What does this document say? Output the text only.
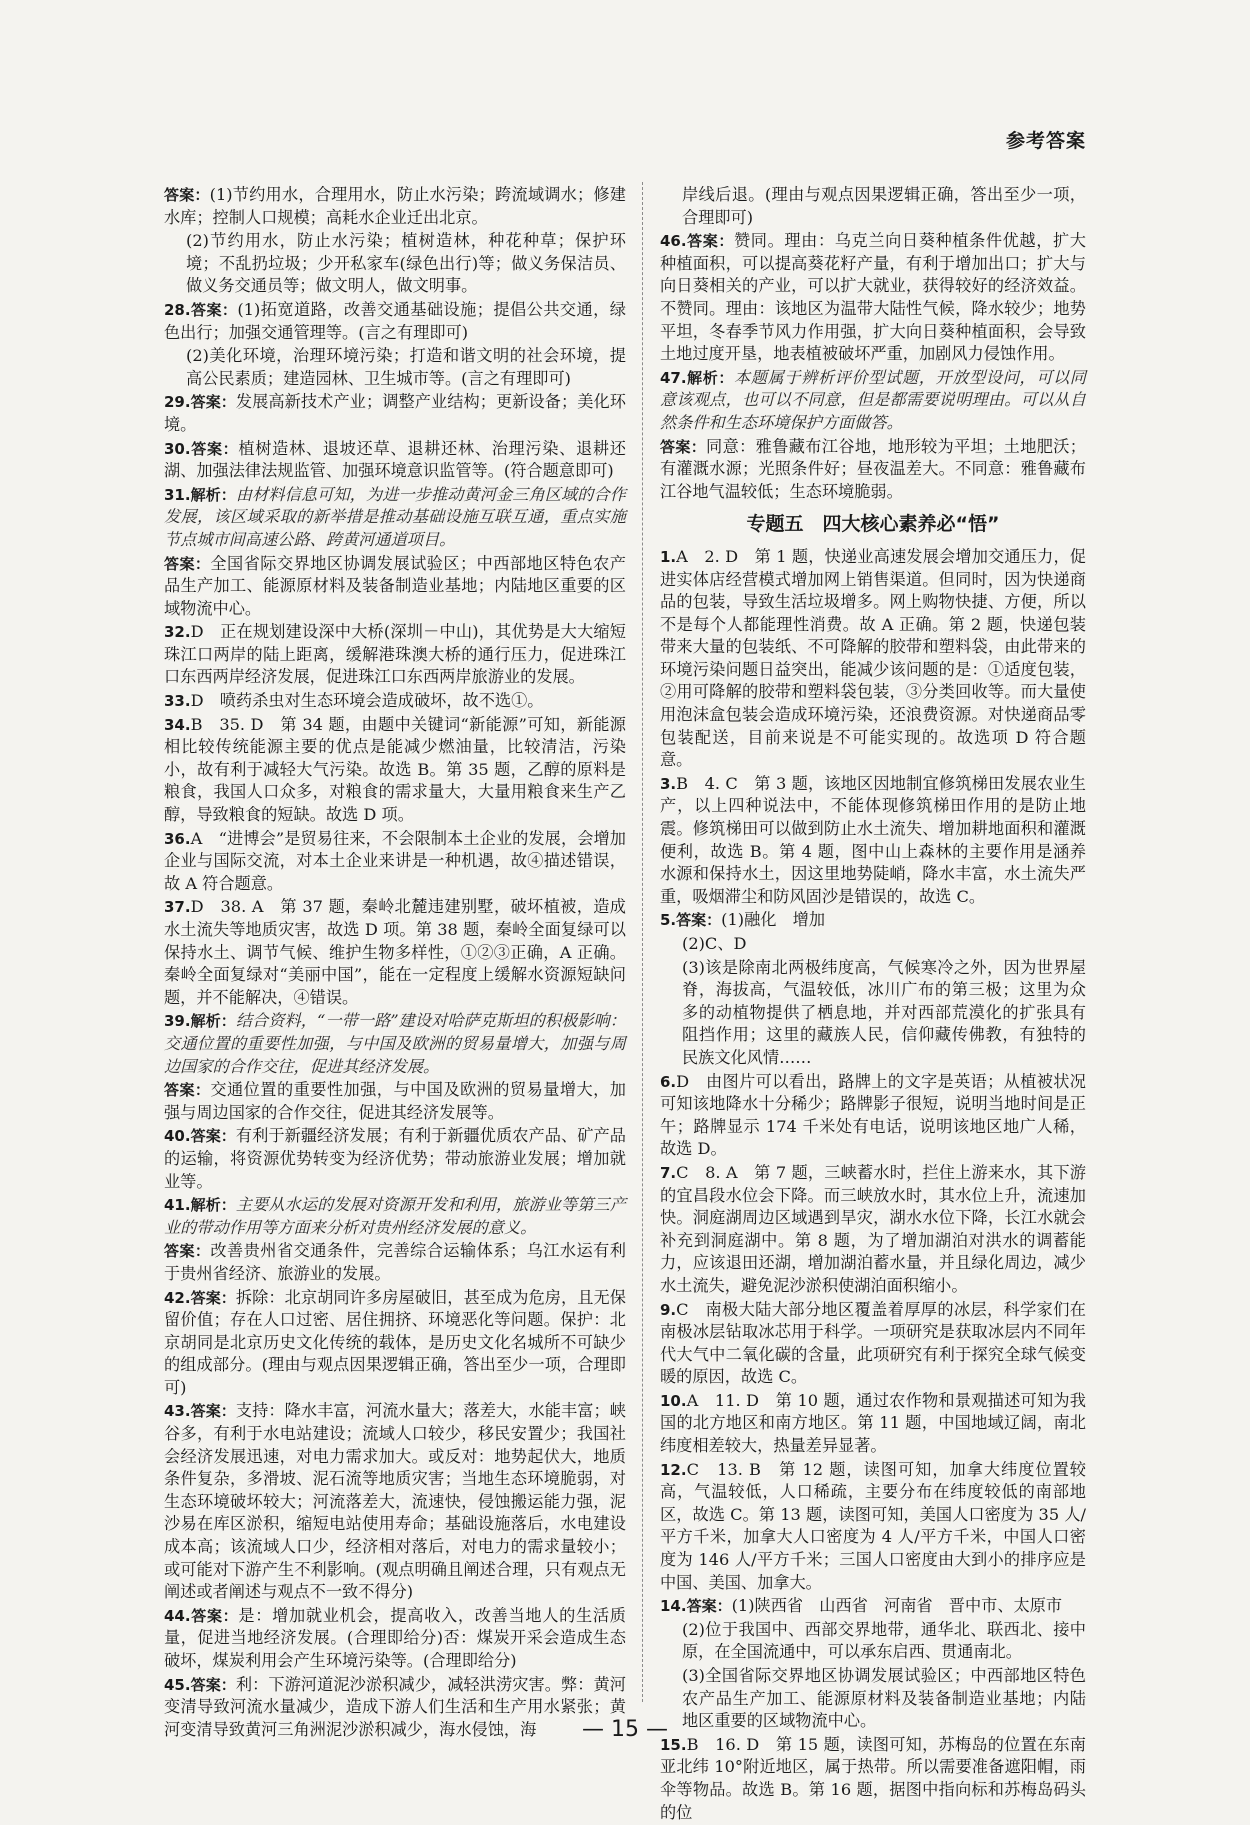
参考答案
答案：(1)节约用水，合理用水，防止水污染；跨流域调水；修建水库；控制人口规模；高耗水企业迁出北京。
(2)节约用水，防止水污染；植树造林，种花种草；保护环境；不乱扔垃圾；少开私家车(绿色出行)等；做义务保洁员、做义务交通员等；做文明人，做文明事。
28.答案：(1)拓宽道路，改善交通基础设施；提倡公共交通，绿色出行；加强交通管理等。(言之有理即可)
(2)美化环境，治理环境污染；打造和谐文明的社会环境，提高公民素质；建造园林、卫生城市等。(言之有理即可)
29.答案：发展高新技术产业；调整产业结构；更新设备；美化环境。
30.答案：植树造林、退坡还草、退耕还林、治理污染、退耕还湖、加强法律法规监管、加强环境意识监管等。(符合题意即可)
31.解析：由材料信息可知，为进一步推动黄河金三角区域的合作发展，该区域采取的新举措是推动基础设施互联互通，重点实施节点城市间高速公路、跨黄河通道项目。
答案：全国省际交界地区协调发展试验区；中西部地区特色农产品生产加工、能源原材料及装备制造业基地；内陆地区重要的区域物流中心。
32.D　正在规划建设深中大桥(深圳－中山)，其优势是大大缩短珠江口两岸的陆上距离，缓解港珠澳大桥的通行压力，促进珠江口东西两岸经济发展，促进珠江口东西两岸旅游业的发展。
33.D　喷药杀虫对生态环境会造成破坏，故不选①。
34.B　35. D　第 34 题，由题中关键词“新能源”可知，新能源相比较传统能源主要的优点是能减少燃油量，比较清洁，污染小，故有利于减轻大气污染。故选 B。第 35 题，乙醇的原料是粮食，我国人口众多，对粮食的需求量大，大量用粮食来生产乙醇，导致粮食的短缺。故选 D 项。
36.A　“进博会”是贸易往来，不会限制本土企业的发展，会增加企业与国际交流，对本土企业来讲是一种机遇，故④描述错误，故 A 符合题意。
37.D　38. A　第 37 题，秦岭北麓违建别墅，破坏植被，造成水土流失等地质灾害，故选 D 项。第 38 题，秦岭全面复绿可以保持水土、调节气候、维护生物多样性，①②③正确，A 正确。秦岭全面复绿对“美丽中国”，能在一定程度上缓解水资源短缺问题，并不能解决，④错误。
39.解析：结合资料，“一带一路”建设对哈萨克斯坦的积极影响：交通位置的重要性加强，与中国及欧洲的贸易量增大，加强与周边国家的合作交往，促进其经济发展。
答案：交通位置的重要性加强，与中国及欧洲的贸易量增大，加强与周边国家的合作交往，促进其经济发展等。
40.答案：有利于新疆经济发展；有利于新疆优质农产品、矿产品的运输，将资源优势转变为经济优势；带动旅游业发展；增加就业等。
41.解析：主要从水运的发展对资源开发和利用，旅游业等第三产业的带动作用等方面来分析对贵州经济发展的意义。
答案：改善贵州省交通条件，完善综合运输体系；乌江水运有利于贵州省经济、旅游业的发展。
42.答案：拆除：北京胡同许多房屋破旧，甚至成为危房，且无保留价值；存在人口过密、居住拥挤、环境恶化等问题。保护：北京胡同是北京历史文化传统的载体，是历史文化名城所不可缺少的组成部分。(理由与观点因果逻辑正确，答出至少一项，合理即可)
43.答案：支持：降水丰富，河流水量大；落差大，水能丰富；峡谷多，有利于水电站建设；流域人口较少，移民安置少；我国社会经济发展迅速，对电力需求加大。或反对：地势起伏大，地质条件复杂，多滑坡、泥石流等地质灾害；当地生态环境脆弱，对生态环境破坏较大；河流落差大，流速快，侵蚀搬运能力强，泥沙易在库区淤积，缩短电站使用寿命；基础设施落后，水电建设成本高；该流域人口少，经济相对落后，对电力的需求量较小；或可能对下游产生不利影响。(观点明确且阐述合理，只有观点无阐述或者阐述与观点不一致不得分)
44.答案：是：增加就业机会，提高收入，改善当地人的生活质量，促进当地经济发展。(合理即给分)否：煤炭开采会造成生态破坏，煤炭利用会产生环境污染等。(合理即给分)
45.答案：利：下游河道泥沙淤积减少，减轻洪涝灾害。弊：黄河变清导致河流水量减少，造成下游人们生活和生产用水紧张；黄河变清导致黄河三角洲泥沙淤积减少，海水侵蚀，海
岸线后退。(理由与观点因果逻辑正确，答出至少一项，合理即可)
46.答案：赞同。理由：乌克兰向日葵种植条件优越，扩大种植面积，可以提高葵花籽产量，有利于增加出口；扩大与向日葵相关的产业，可以扩大就业，获得较好的经济效益。不赞同。理由：该地区为温带大陆性气候，降水较少；地势平坦，冬春季节风力作用强，扩大向日葵种植面积，会导致土地过度开垦，地表植被破坏严重，加剧风力侵蚀作用。
47.解析：本题属于辨析评价型试题，开放型设问，可以同意该观点，也可以不同意，但是都需要说明理由。可以从自然条件和生态环境保护方面做答。
答案：同意：雅鲁藏布江谷地，地形较为平坦；土地肥沃；有灌溉水源；光照条件好；昼夜温差大。不同意：雅鲁藏布江谷地气温较低；生态环境脆弱。
专题五　四大核心素养必“悟”
1.A　2. D　第 1 题，快递业高速发展会增加交通压力，促进实体店经营模式增加网上销售渠道。但同时，因为快递商品的包装，导致生活垃圾增多。网上购物快捷、方便，所以不是每个人都能理性消费。故 A 正确。第 2 题，快递包装带来大量的包装纸、不可降解的胶带和塑料袋，由此带来的环境污染问题日益突出，能减少该问题的是：①适度包装，②用可降解的胶带和塑料袋包装，③分类回收等。而大量使用泡沫盒包装会造成环境污染，还浪费资源。对快递商品零包装配送，目前来说是不可能实现的。故选项 D 符合题意。
3.B　4. C　第 3 题，该地区因地制宜修筑梯田发展农业生产，以上四种说法中，不能体现修筑梯田作用的是防止地震。修筑梯田可以做到防止水土流失、增加耕地面积和灌溉便利，故选 B。第 4 题，图中山上森林的主要作用是涵养水源和保持水土，因这里地势陡峭，降水丰富，水土流失严重，吸烟滞尘和防风固沙是错误的，故选 C。
5.答案：(1)融化　增加
(2)C、D
(3)该是除南北两极纬度高，气候寒冷之外，因为世界屋脊，海拔高，气温较低，冰川广布的第三极；这里为众多的动植物提供了栖息地，并对西部荒漠化的扩张具有阻挡作用；这里的藏族人民，信仰藏传佛教，有独特的民族文化风情……
6.D　由图片可以看出，路牌上的文字是英语；从植被状况可知该地降水十分稀少；路牌影子很短，说明当地时间是正午；路牌显示 174 千米处有电话，说明该地区地广人稀，故选 D。
7.C　8. A　第 7 题，三峡蓄水时，拦住上游来水，其下游的宜昌段水位会下降。而三峡放水时，其水位上升，流速加快。洞庭湖周边区域遇到旱灾，湖水水位下降，长江水就会补充到洞庭湖中。第 8 题，为了增加湖泊对洪水的调蓄能力，应该退田还湖，增加湖泊蓄水量，并且绿化周边，减少水土流失，避免泥沙淤积使湖泊面积缩小。
9.C　南极大陆大部分地区覆盖着厚厚的冰层，科学家们在南极冰层钻取冰芯用于科学。一项研究是获取冰层内不同年代大气中二氧化碳的含量，此项研究有利于探究全球气候变暖的原因，故选 C。
10.A　11. D　第 10 题，通过农作物和景观描述可知为我国的北方地区和南方地区。第 11 题，中国地域辽阔，南北纬度相差较大，热量差异显著。
12.C　13. B　第 12 题，读图可知，加拿大纬度位置较高，气温较低，人口稀疏，主要分布在纬度较低的南部地区，故选 C。第 13 题，读图可知，美国人口密度为 35 人/平方千米，加拿大人口密度为 4 人/平方千米，中国人口密度为 146 人/平方千米；三国人口密度由大到小的排序应是中国、美国、加拿大。
14.答案：(1)陕西省　山西省　河南省　晋中市、太原市
(2)位于我国中、西部交界地带，通华北、联西北、接中原，在全国流通中，可以承东启西、贯通南北。
(3)全国省际交界地区协调发展试验区；中西部地区特色农产品生产加工、能源原材料及装备制造业基地；内陆地区重要的区域物流中心。
15.B　16. D　第 15 题，读图可知，苏梅岛的位置在东南亚北纬 10°附近地区，属于热带。所以需要准备遮阳帽，雨伞等物品。故选 B。第 16 题，据图中指向标和苏梅岛码头的位
— 15 —
